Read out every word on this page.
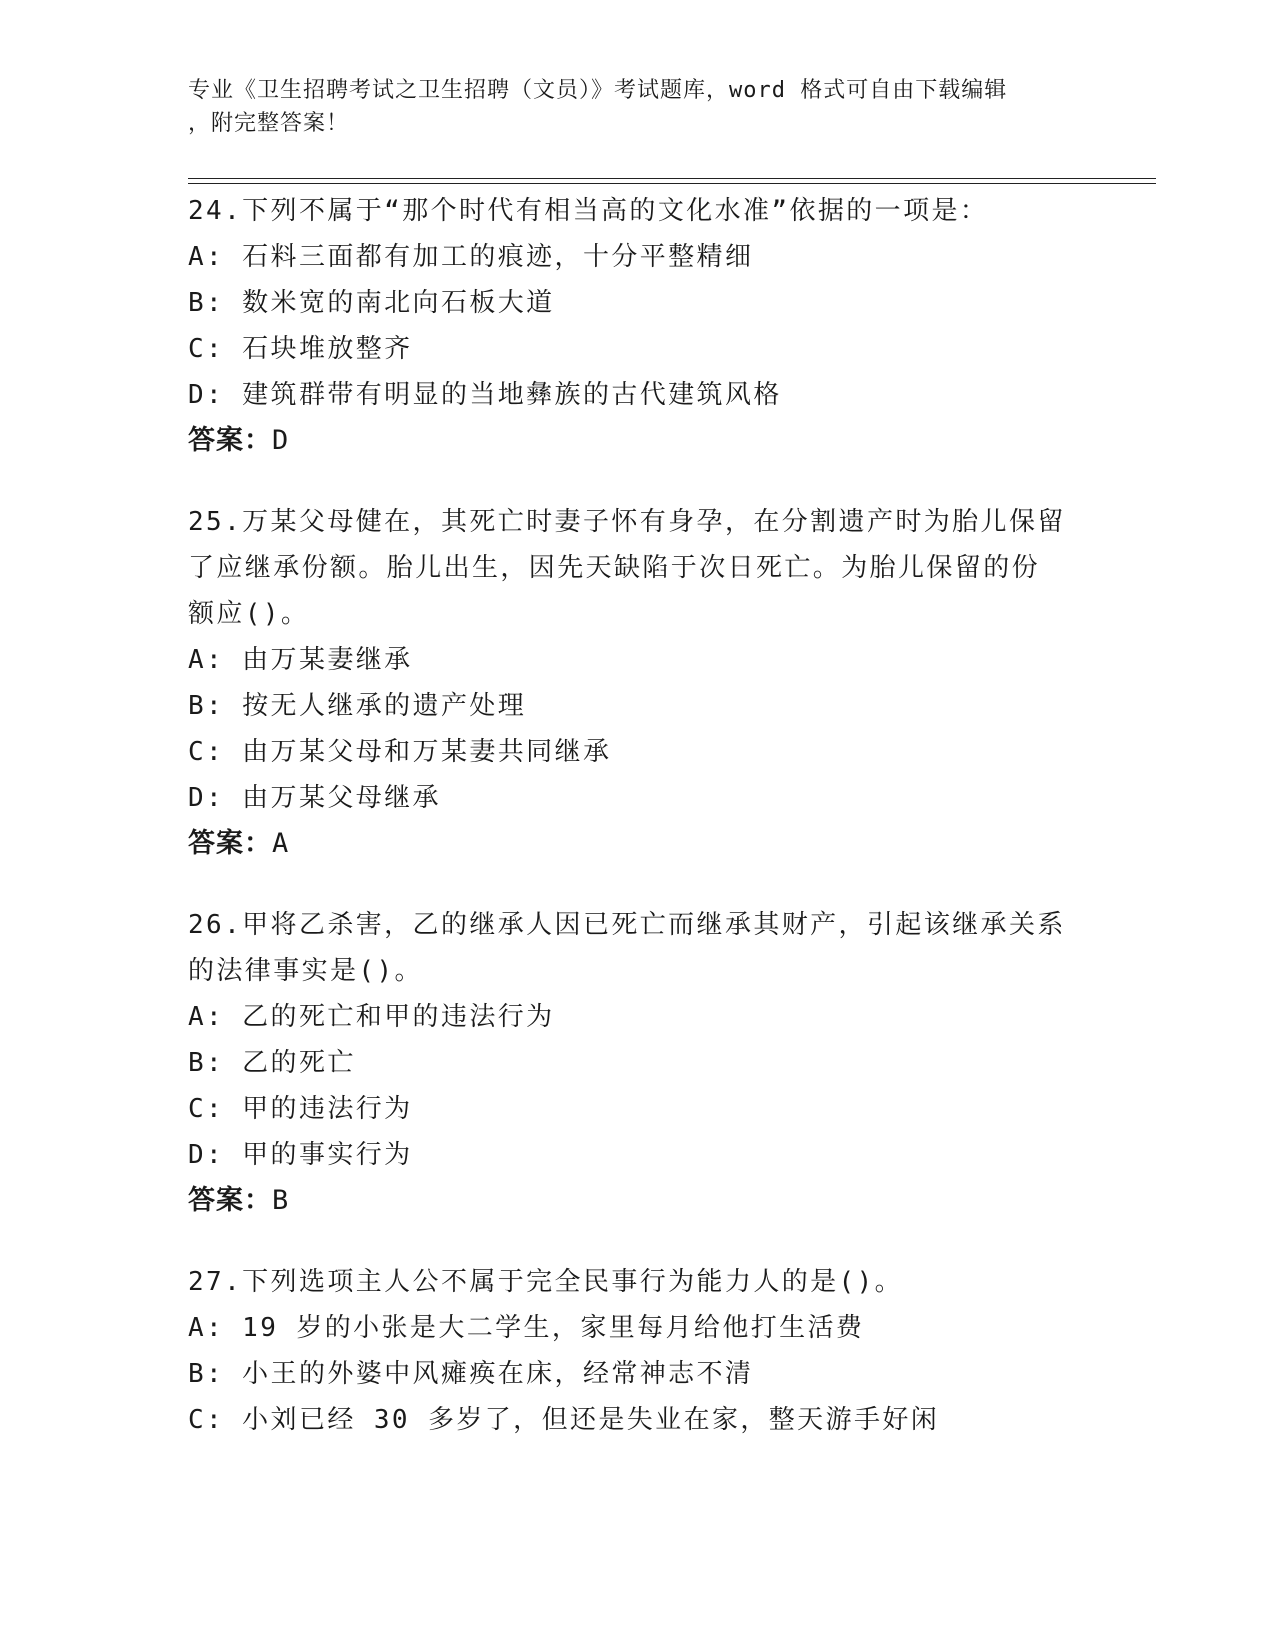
专业《卫生招聘考试之卫生招聘（文员）》考试题库，word 格式可自由下载编辑

，附完整答案！

24.下列不属于“那个时代有相当高的文化水准”依据的一项是：
A: 石料三面都有加工的痕迹，十分平整精细
B: 数米宽的南北向石板大道
C: 石块堆放整齐
D: 建筑群带有明显的当地彝族的古代建筑风格
答案：D
25.万某父母健在，其死亡时妻子怀有身孕，在分割遗产时为胎儿保留
了应继承份额。胎儿出生，因先天缺陷于次日死亡。为胎儿保留的份
额应()。
A: 由万某妻继承
B: 按无人继承的遗产处理
C: 由万某父母和万某妻共同继承
D: 由万某父母继承
答案：A
26.甲将乙杀害，乙的继承人因已死亡而继承其财产，引起该继承关系
的法律事实是()。
A: 乙的死亡和甲的违法行为
B: 乙的死亡
C: 甲的违法行为
D: 甲的事实行为
答案：B
27.下列选项主人公不属于完全民事行为能力人的是()。
A: 19 岁的小张是大二学生，家里每月给他打生活费
B: 小王的外婆中风瘫痪在床，经常神志不清
C: 小刘已经 30 多岁了，但还是失业在家，整天游手好闲
